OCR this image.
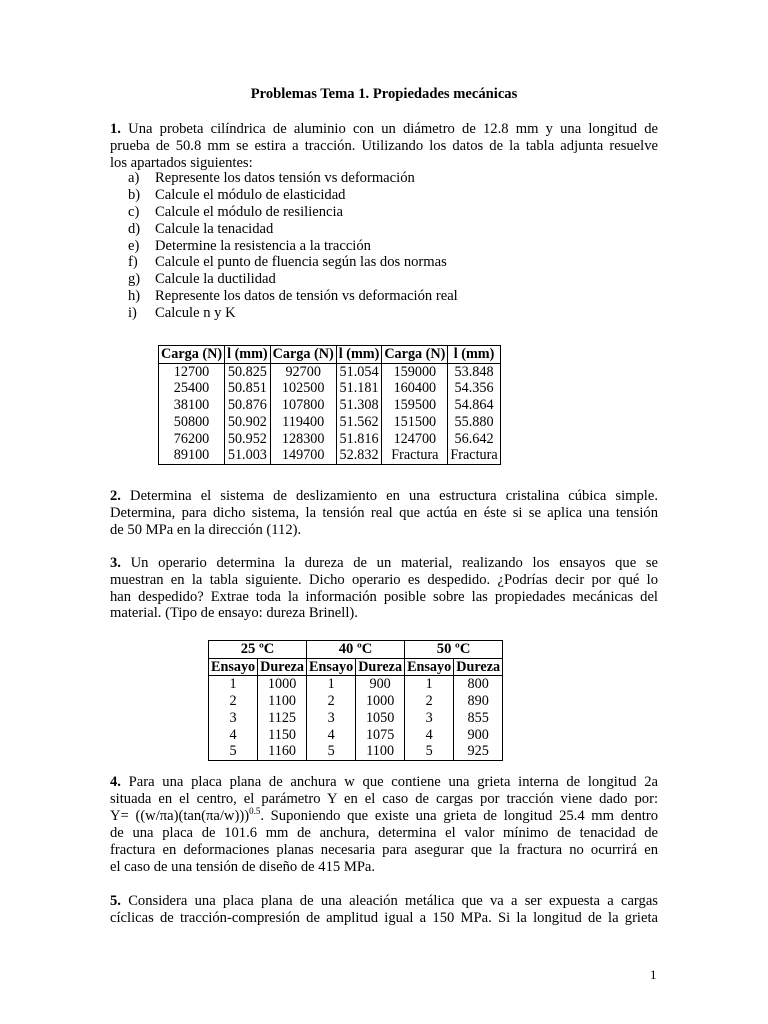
Problemas Tema 1. Propiedades mecánicas
1. Una probeta cilíndrica de aluminio con un diámetro de 12.8 mm y una longitud de
prueba de 50.8 mm se estira a tracción. Utilizando los datos de la tabla adjunta resuelve
los apartados siguientes:
a)	Represente los datos tensión vs deformación
b)	Calcule el módulo de elasticidad
c)	Calcule el módulo de resiliencia
d)	Calcule la tenacidad
e)	Determine la resistencia a la tracción
f)	Calcule el punto de fluencia según las dos normas
g)	Calcule la ductilidad
h)	Represente los datos de tensión vs deformación real
i)	Calcule n y K
Carga (N)	l (mm)	Carga (N)	l (mm)	Carga (N)	l (mm)
12700	50.825	92700	51.054	159000	53.848
25400	50.851	102500	51.181	160400	54.356
38100	50.876	107800	51.308	159500	54.864
50800	50.902	119400	51.562	151500	55.880
76200	50.952	128300	51.816	124700	56.642
89100	51.003	149700	52.832	Fractura	Fractura
2. Determina el sistema de deslizamiento en una estructura cristalina cúbica simple.
Determina, para dicho sistema, la tensión real que actúa en éste si se aplica una tensión
de 50 MPa en la dirección (112).
3. Un operario determina la dureza de un material, realizando los ensayos que se
muestran en la tabla siguiente. Dicho operario es despedido. ¿Podrías decir por qué lo
han despedido? Extrae toda la información posible sobre las propiedades mecánicas del
material. (Tipo de ensayo: dureza Brinell).
25 ºC		40 ºC		50 ºC	
Ensayo	Dureza	Ensayo	Dureza	Ensayo	Dureza
1	1000	1	900	1	800
2	1100	2	1000	2	890
3	1125	3	1050	3	855
4	1150	4	1075	4	900
5	1160	5	1100	5	925
4. Para una placa plana de anchura w que contiene una grieta interna de longitud 2a
situada en el centro, el parámetro Y en el caso de cargas por tracción viene dado por:
$Y= ((w/\pi a)(\tan(\pi a/w)))^{0.5}$. Suponiendo que existe una grieta de longitud 25.4 mm dentro
de una placa de 101.6 mm de anchura, determina el valor mínimo de tenacidad de
fractura en deformaciones planas necesaria para asegurar que la fractura no ocurrirá en
el caso de una tensión de diseño de 415 MPa.
5. Considera una placa plana de una aleación metálica que va a ser expuesta a cargas
cíclicas de tracción-compresión de amplitud igual a 150 MPa. Si la longitud de la grieta
1
